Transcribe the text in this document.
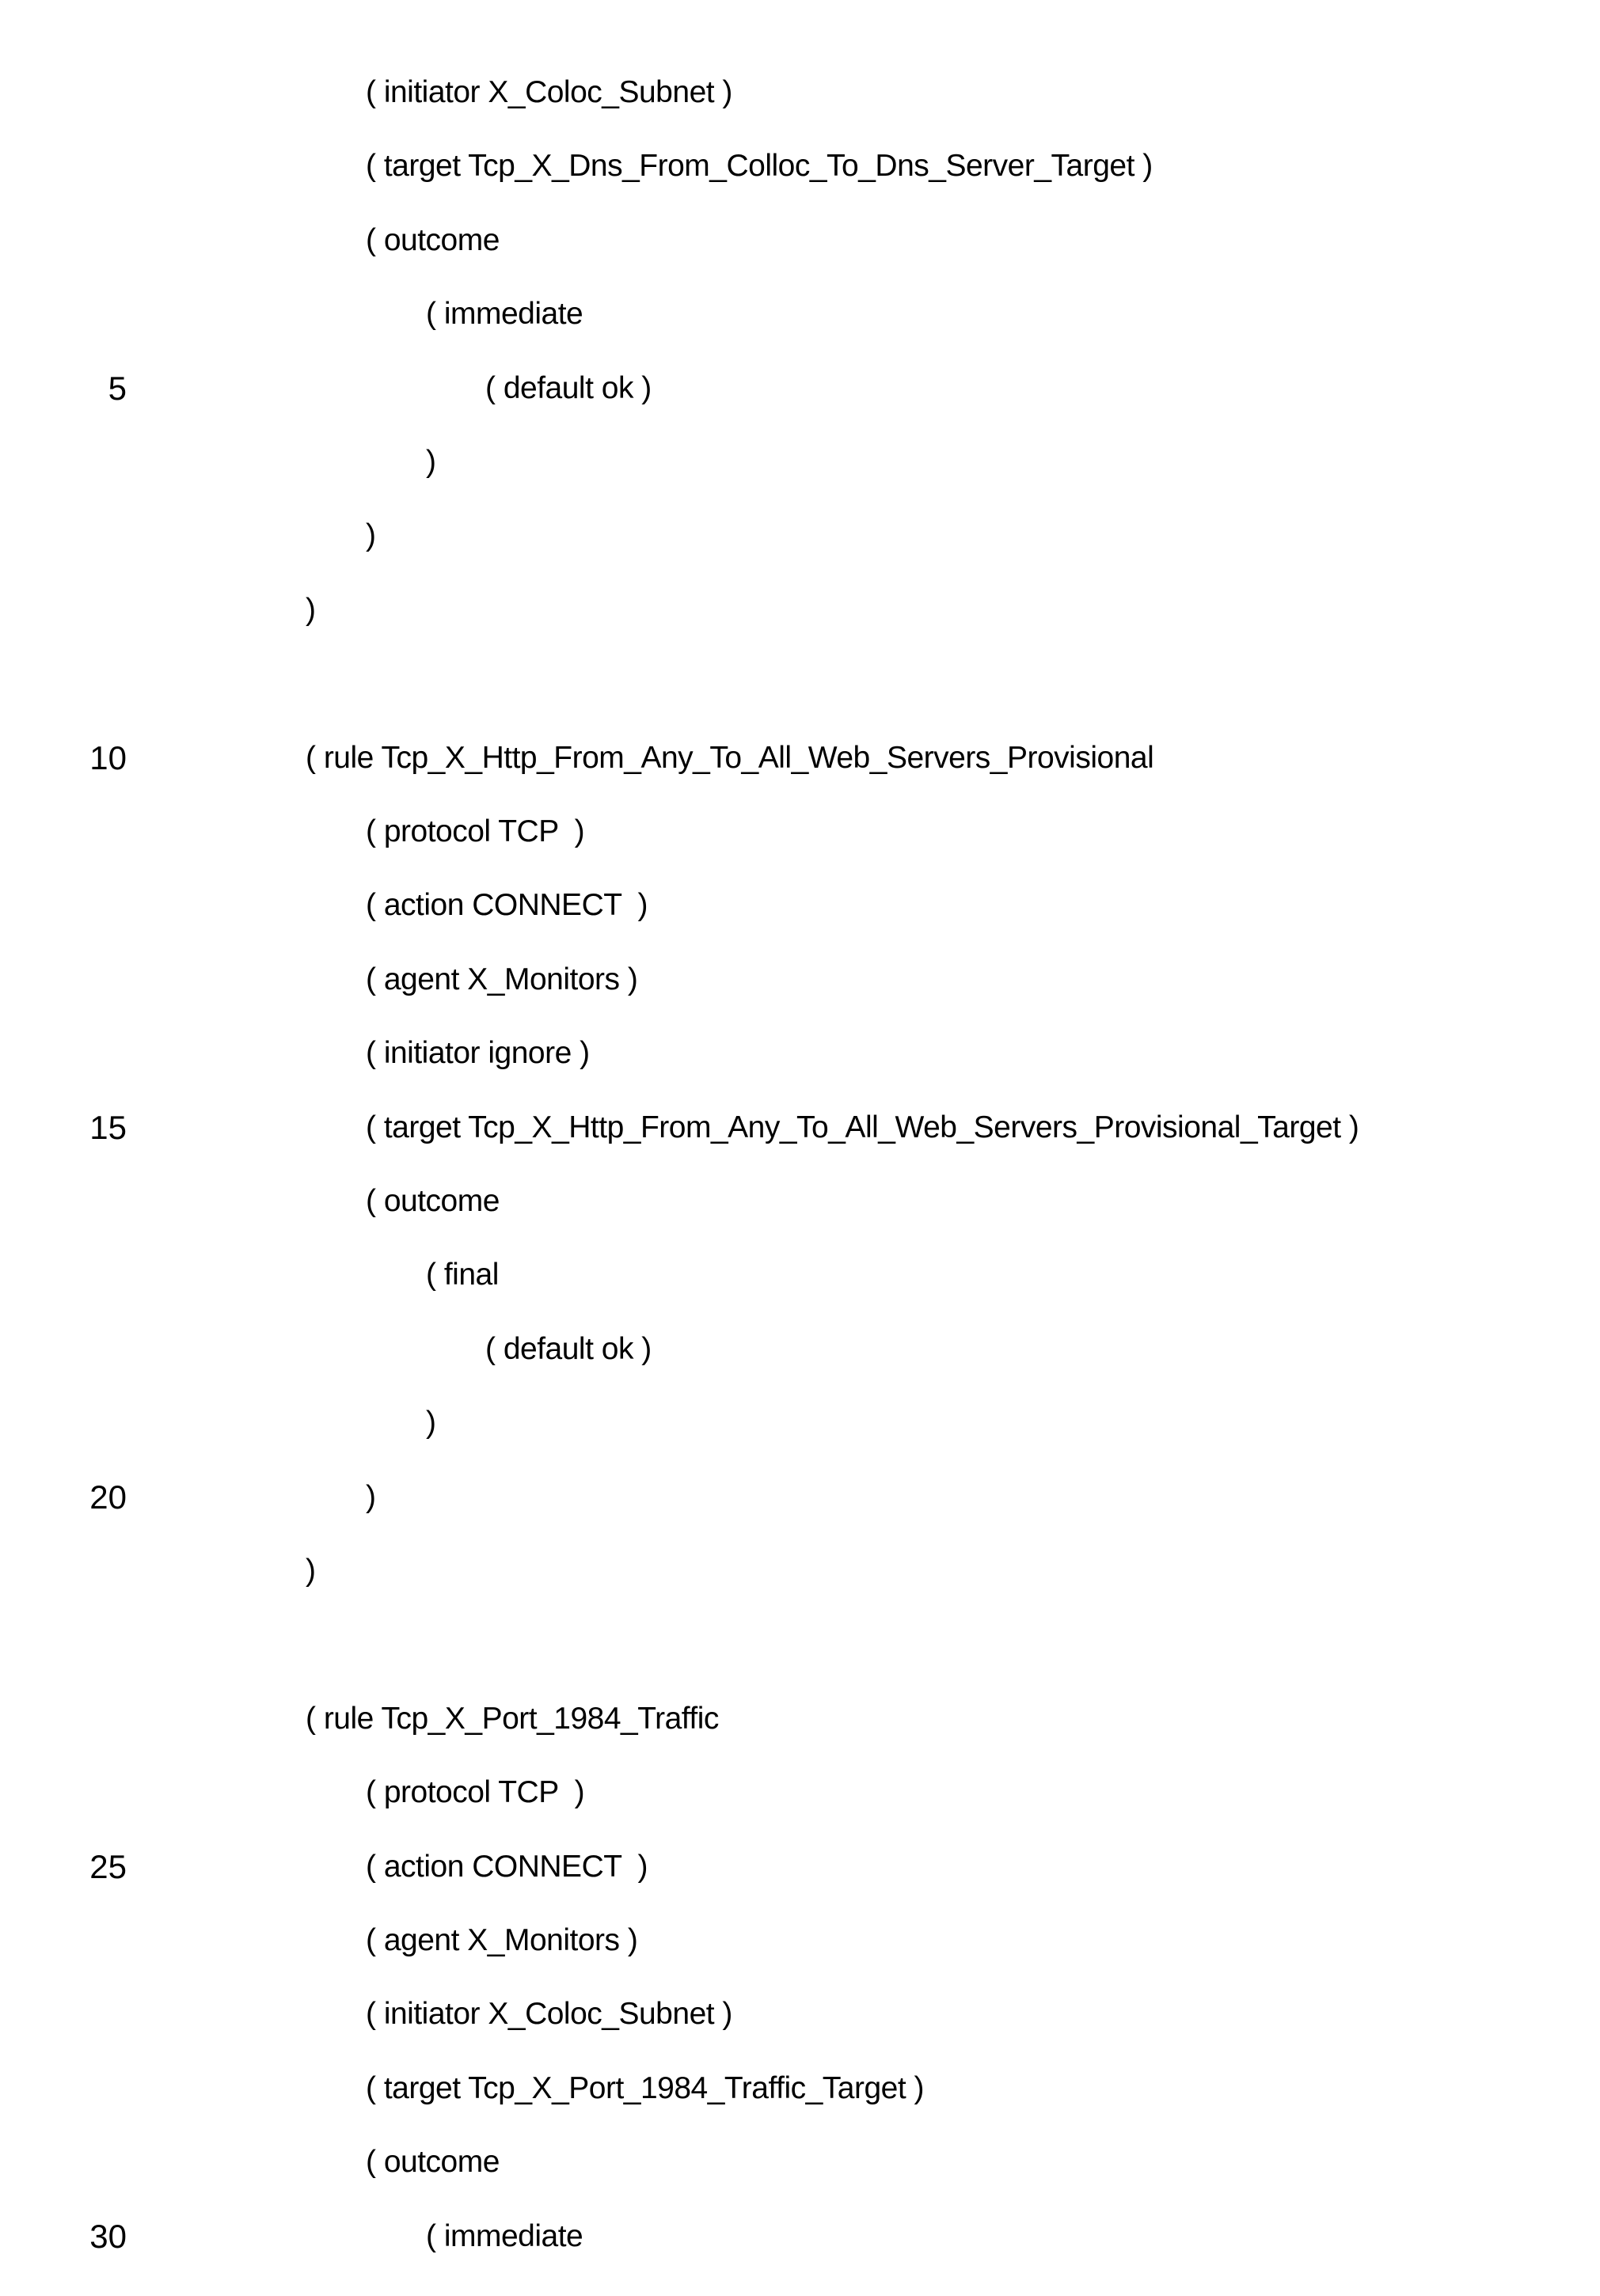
( initiator X_Coloc_Subnet )
( target Tcp_X_Dns_From_Colloc_To_Dns_Server_Target )
( outcome
( immediate
5	( default ok )
)
)
)
10	( rule Tcp_X_Http_From_Any_To_All_Web_Servers_Provisional
( protocol TCP  )
( action CONNECT  )
( agent X_Monitors )
( initiator ignore )
15	( target Tcp_X_Http_From_Any_To_All_Web_Servers_Provisional_Target )
( outcome
( final
( default ok )
)
20	)
)
( rule Tcp_X_Port_1984_Traffic
( protocol TCP  )
25	( action CONNECT  )
( agent X_Monitors )
( initiator X_Coloc_Subnet )
( target Tcp_X_Port_1984_Traffic_Target )
( outcome
30	( immediate
